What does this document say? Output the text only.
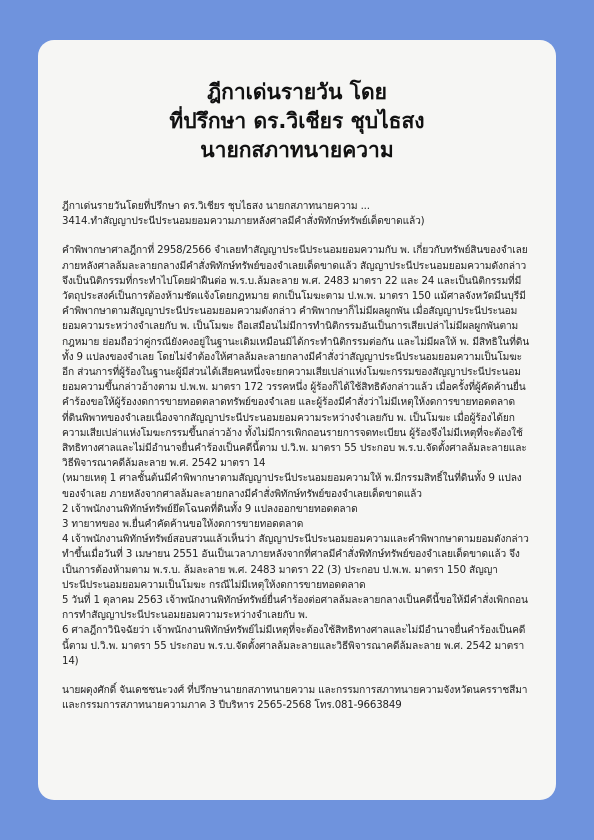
ฎีกาเด่นรายวัน โดย
ที่ปรึกษา ดร.วิเชียร ชุบไธสง
นายกสภาทนายความ

ฎีกาเด่นรายวันโดยที่ปรึกษา ดร.วิเชียร ชุบไธสง นายกสภาทนายความ ...
3414.ทำสัญญาประนีประนอมยอมความภายหลังศาลมีคำสั่งพิทักษ์ทรัพย์เด็ดขาดแล้ว)

คำพิพากษาศาลฎีกาที่ 2958/2566 จำเลยทำสัญญาประนีประนอมยอมความกับ พ. เกี่ยวกับทรัพย์สินของจำเลยภายหลังศาลล้มละลายกลางมีคำสั่งพิทักษ์ทรัพย์ของจำเลยเด็ดขาดแล้ว สัญญาประนีประนอมยอมความดังกล่าวจึงเป็นนิติกรรมที่กระทำไปโดยฝ่าฝืนต่อ พ.ร.บ.ล้มละลาย พ.ศ. 2483 มาตรา 22 และ 24 และเป็นนิติกรรมที่มีวัตถุประสงค์เป็นการต้องห้ามชัดแจ้งโดยกฎหมาย ตกเป็นโมฆะตาม ป.พ.พ. มาตรา 150 แม้ศาลจังหวัดมีนบุรีมีคำพิพากษาตามสัญญาประนีประนอมยอมความดังกล่าว คำพิพากษาก็ไม่มีผลผูกพัน เมื่อสัญญาประนีประนอมยอมความระหว่างจำเลยกับ พ. เป็นโมฆะ ถือเสมือนไม่มีการทำนิติกรรมอันเป็นการเสียเปล่าไม่มีผลผูกพันตามกฎหมาย ย่อมถือว่าคู่กรณียังคงอยู่ในฐานะเดิมเหมือนมิได้กระทำนิติกรรมต่อกัน และไม่มีผลให้ พ. มีสิทธิในที่ดินทั้ง 9 แปลงของจำเลย โดยไม่จำต้องให้ศาลล้มละลายกลางมีคำสั่งว่าสัญญาประนีประนอมยอมความเป็นโมฆะอีก ส่วนการที่ผู้ร้องในฐานะผู้มีส่วนได้เสียคนหนึ่งจะยกความเสียเปล่าแห่งโมฆะกรรมของสัญญาประนีประนอมยอมความขึ้นกล่าวอ้างตาม ป.พ.พ. มาตรา 172 วรรคหนึ่ง ผู้ร้องก็ได้ใช้สิทธิดังกล่าวแล้ว เมื่อครั้งที่ผู้คัดค้านยื่นคำร้องขอให้ผู้ร้องงดการขายทอดตลาดทรัพย์ของจำเลย และผู้ร้องมีคำสั่งว่าไม่มีเหตุให้งดการขายทอดตลาดที่ดินพิพาทของจำเลยเนื่องจากสัญญาประนีประนอมยอมความระหว่างจำเลยกับ พ. เป็นโมฆะ เมื่อผู้ร้องได้ยกความเสียเปล่าแห่งโมฆะกรรมขึ้นกล่าวอ้าง ทั้งไม่มีการเพิกถอนรายการจดทะเบียน ผู้ร้องจึงไม่มีเหตุที่จะต้องใช้สิทธิทางศาลและไม่มีอำนาจยื่นคำร้องเป็นคดีนี้ตาม ป.วิ.พ. มาตรา 55 ประกอบ พ.ร.บ.จัดตั้งศาลล้มละลายและวิธีพิจารณาคดีล้มละลาย พ.ศ. 2542 มาตรา 14
(หมายเหตุ 1 ศาลชั้นต้นมีคำพิพากษาตามสัญญาประนีประนอมยอมความให้ พ.มีกรรมสิทธิ์ในที่ดินทั้ง 9 แปลงของจำเลย ภายหลังจากศาลล้มละลายกลางมีคำสั่งพิทักษ์ทรัพย์ของจำเลยเด็ดขาดแล้ว
2 เจ้าพนักงานพิทักษ์ทรัพย์ยึดโฉนดที่ดินทั้ง 9 แปลงออกขายทอดตลาด
3 ทายาทของ พ.ยื่นคำคัดค้านขอให้งดการขายทอดตลาด
4 เจ้าพนักงานพิทักษ์ทรัพย์สอบสวนแล้วเห็นว่า สัญญาประนีประนอมยอมความและคำพิพากษาตามยอมดังกล่าวทำขึ้นเมื่อวันที่ 3 เมษายน 2551 อันเป็นเวลาภายหลังจากที่ศาลมีคำสั่งพิทักษ์ทรัพย์ของจำเลยเด็ดขาดแล้ว จึงเป็นการต้องห้ามตาม พ.ร.บ. ล้มละลาย พ.ศ. 2483 มาตรา 22 (3) ประกอบ ป.พ.พ. มาตรา 150 สัญญาประนีประนอมยอมความเป็นโมฆะ กรณีไม่มีเหตุให้งดการขายทอดตลาด
5 วันที่ 1 ตุลาคม 2563 เจ้าพนักงานพิทักษ์ทรัพย์ยื่นคำร้องต่อศาลล้มละลายกลางเป็นคดีนี้ขอให้มีคำสั่งเพิกถอนการทำสัญญาประนีประนอมยอมความระหว่างจำเลยกับ พ.
6 ศาลฎีกาวินิจฉัยว่า เจ้าพนักงานพิทักษ์ทรัพย์ไม่มีเหตุที่จะต้องใช้สิทธิทางศาลและไม่มีอำนาจยื่นคำร้องเป็นคดีนี้ตาม ป.วิ.พ. มาตรา 55 ประกอบ พ.ร.บ.จัดตั้งศาลล้มละลายและวิธีพิจารณาคดีล้มละลาย พ.ศ. 2542 มาตรา 14)

นายผดุงศักดิ์ จันเดชชนะวงศ์ ที่ปรึกษานายกสภาทนายความ และกรรมการสภาทนายความจังหวัดนครราชสีมา และกรรมการสภาทนายความภาค 3 ปีบริหาร 2565-2568 โทร.081-9663849
